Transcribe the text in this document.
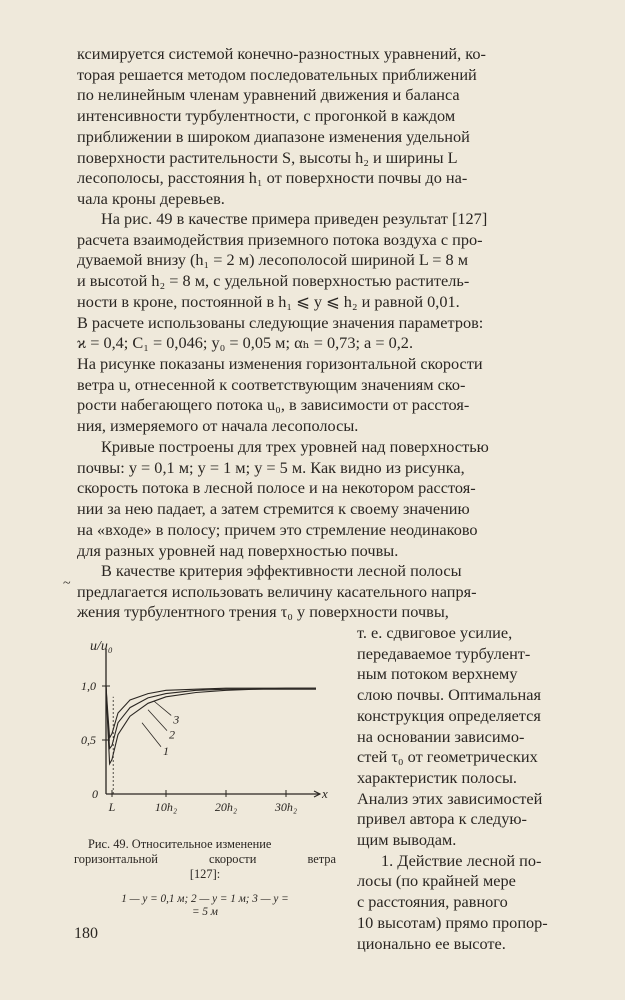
ксимируется системой конечно-разностных уравнений, ко-
торая решается методом последовательных приближений
по нелинейным членам уравнений движения и баланса
интенсивности турбулентности, с прогонкой в каждом
приближении в широком диапазоне изменения удельной
поверхности растительности S, высоты h₂ и ширины L
лесополосы, расстояния h₁ от поверхности почвы до на-
чала кроны деревьев.

На рис. 49 в качестве примера приведен результат [127]
расчета взаимодействия приземного потока воздуха с про-
дуваемой внизу (h₁ = 2 м) лесополосой шириной L = 8 м
и высотой h₂ = 8 м, с удельной поверхностью раститель-
ности в кроне, постоянной в h₁ ⩽ y ⩽ h₂ и равной 0,01.
В расчете использованы следующие значения параметров:
ϰ = 0,4; C₁ = 0,046; y₀ = 0,05 м; αₕ = 0,73; a = 0,2.
На рисунке показаны изменения горизонтальной скорости
ветра u, отнесенной к соответствующим значениям ско-
рости набегающего потока u₀, в зависимости от расстоя-
ния, измеряемого от начала лесополосы.

Кривые построены для трех уровней над поверхностью
почвы: y = 0,1 м; y = 1 м; y = 5 м. Как видно из рисунка,
скорость потока в лесной полосе и на некотором расстоя-
нии за нею падает, а затем стремится к своему значению
на «входе» в полосу; причем это стремление неодинаково
для разных уровней над поверхностью почвы.

~

В качестве критерия эффективности лесной полосы
предлагается использовать величину касательного напря-
жения турбулентного трения τ₀ у поверхности почвы,

т. е. сдвиговое усилие,
передаваемое турбулент-
ным потоком верхнему
слою почвы. Оптимальная
конструкция определяется
на основании зависимо-
стей τ₀ от геометрических
характеристик полосы.
Анализ этих зависимостей
привел автора к следую-
щим выводам.
1. Действие лесной по-
лосы (по крайней мере
с расстояния, равного
10 высотам) прямо пропор-
ционально ее высоте.

u/u₀
1,0
0,5
0	x
L	10h₂	20h₂	30h₂
1
2
3
Рис. 49. Относительное изменение
горизонтальной скорости ветра
[127]:
1 — y = 0,1 м; 2 — y = 1 м; 3 — y =
= 5 м
180
